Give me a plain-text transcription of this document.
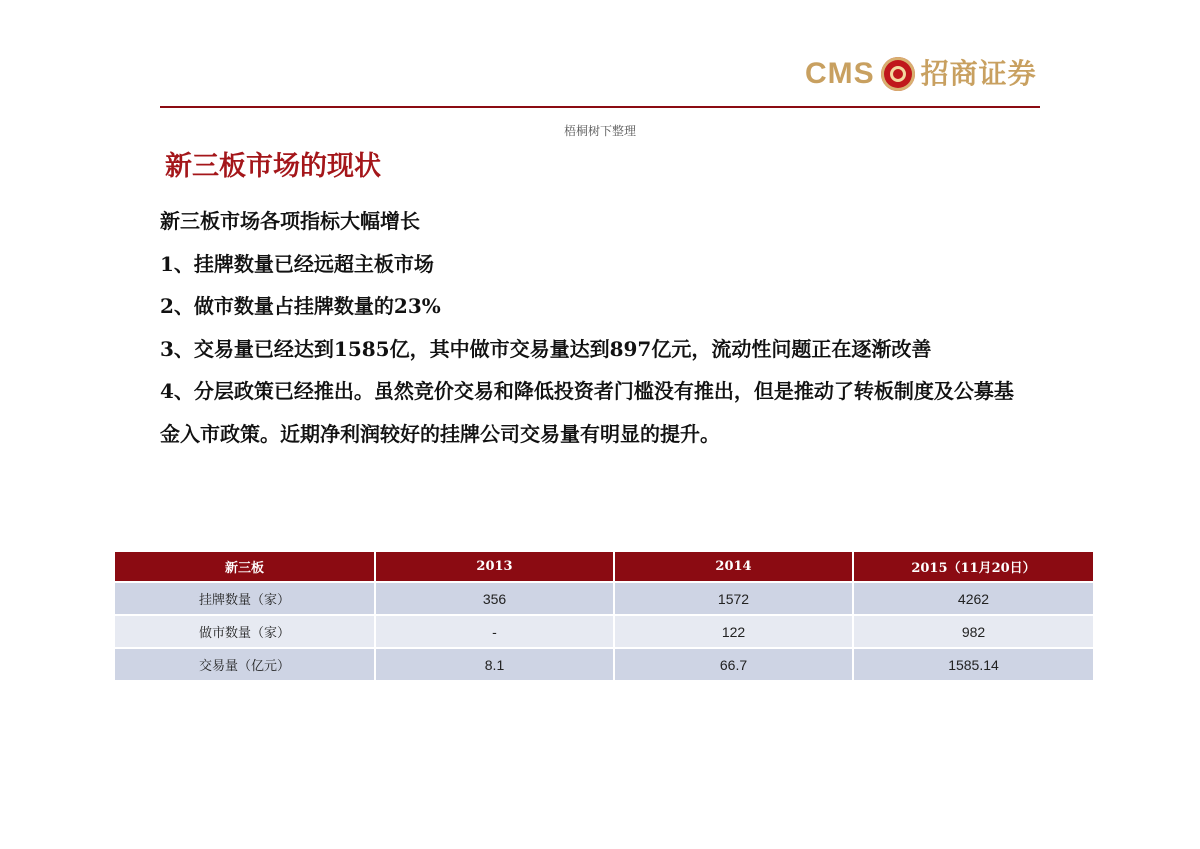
CMS 招商证券
梧桐树下整理
新三板市场的现状

新三板市场各项指标大幅增长

1、挂牌数量已经远超主板市场

2、做市数量占挂牌数量的23%

3、交易量已经达到1585亿，其中做市交易量达到897亿元，流动性问题正在逐渐改善

4、分层政策已经推出。虽然竞价交易和降低投资者门槛没有推出，但是推动了转板制度及公募基金入市政策。近期净利润较好的挂牌公司交易量有明显的提升。

新三板	2013	2014	2015（11月20日）
挂牌数量（家）	356	1572	4262
做市数量（家）	-	122	982
交易量（亿元）	8.1	66.7	1585.14
